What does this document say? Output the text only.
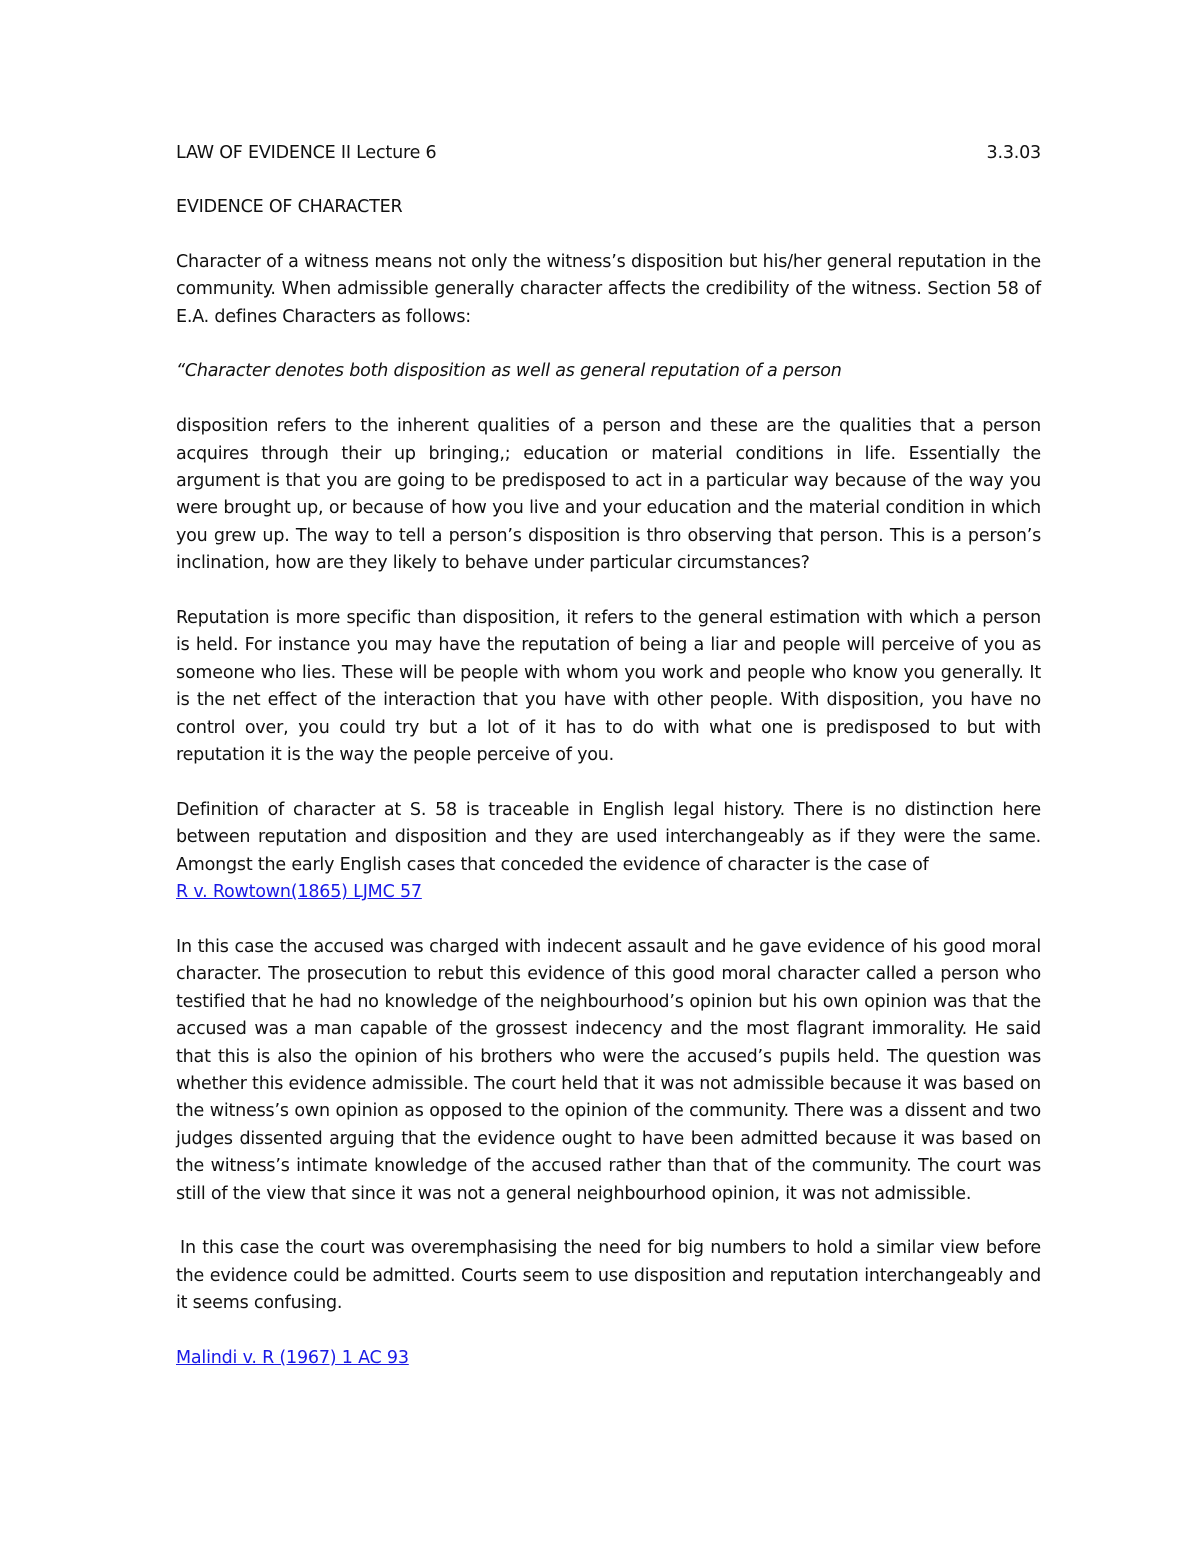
LAW OF EVIDENCE II Lecture 6	3.3.03
EVIDENCE OF CHARACTER

Character of a witness means not only the witness’s disposition but his/her general reputation in the community. When admissible generally character affects the credibility of the witness. Section 58 of E.A. defines Characters as follows:

“Character denotes both disposition as well as general reputation of a person

disposition refers to the inherent qualities of a person and these are the qualities that a person acquires through their up bringing,; education or material conditions in life. Essentially the argument is that you are going to be predisposed to act in a particular way because of the way you were brought up, or because of how you live and your education and the material condition in which you grew up. The way to tell a person’s disposition is thro observing that person. This is a person’s inclination, how are they likely to behave under particular circumstances?

Reputation is more specific than disposition, it refers to the general estimation with which a person is held. For instance you may have the reputation of being a liar and people will perceive of you as someone who lies. These will be people with whom you work and people who know you generally. It is the net effect of the interaction that you have with other people. With disposition, you have no control over, you could try but a lot of it has to do with what one is predisposed to but with reputation it is the way the people perceive of you.

Definition of character at S. 58 is traceable in English legal history. There is no distinction here between reputation and disposition and they are used interchangeably as if they were the same. Amongst the early English cases that conceded the evidence of character is the case of

R v. Rowtown(1865) LJMC 57

In this case the accused was charged with indecent assault and he gave evidence of his good moral character. The prosecution to rebut this evidence of this good moral character called a person who testified that he had no knowledge of the neighbourhood’s opinion but his own opinion was that the accused was a man capable of the grossest indecency and the most flagrant immorality. He said that this is also the opinion of his brothers who were the accused’s pupils held. The question was whether this evidence admissible. The court held that it was not admissible because it was based on the witness’s own opinion as opposed to the opinion of the community. There was a dissent and two judges dissented arguing that the evidence ought to have been admitted because it was based on the witness’s intimate knowledge of the accused rather than that of the community. The court was still of the view that since it was not a general neighbourhood opinion, it was not admissible.

In this case the court was overemphasising the need for big numbers to hold a similar view before the evidence could be admitted. Courts seem to use disposition and reputation interchangeably and it seems confusing.

Malindi v. R (1967) 1 AC 93
